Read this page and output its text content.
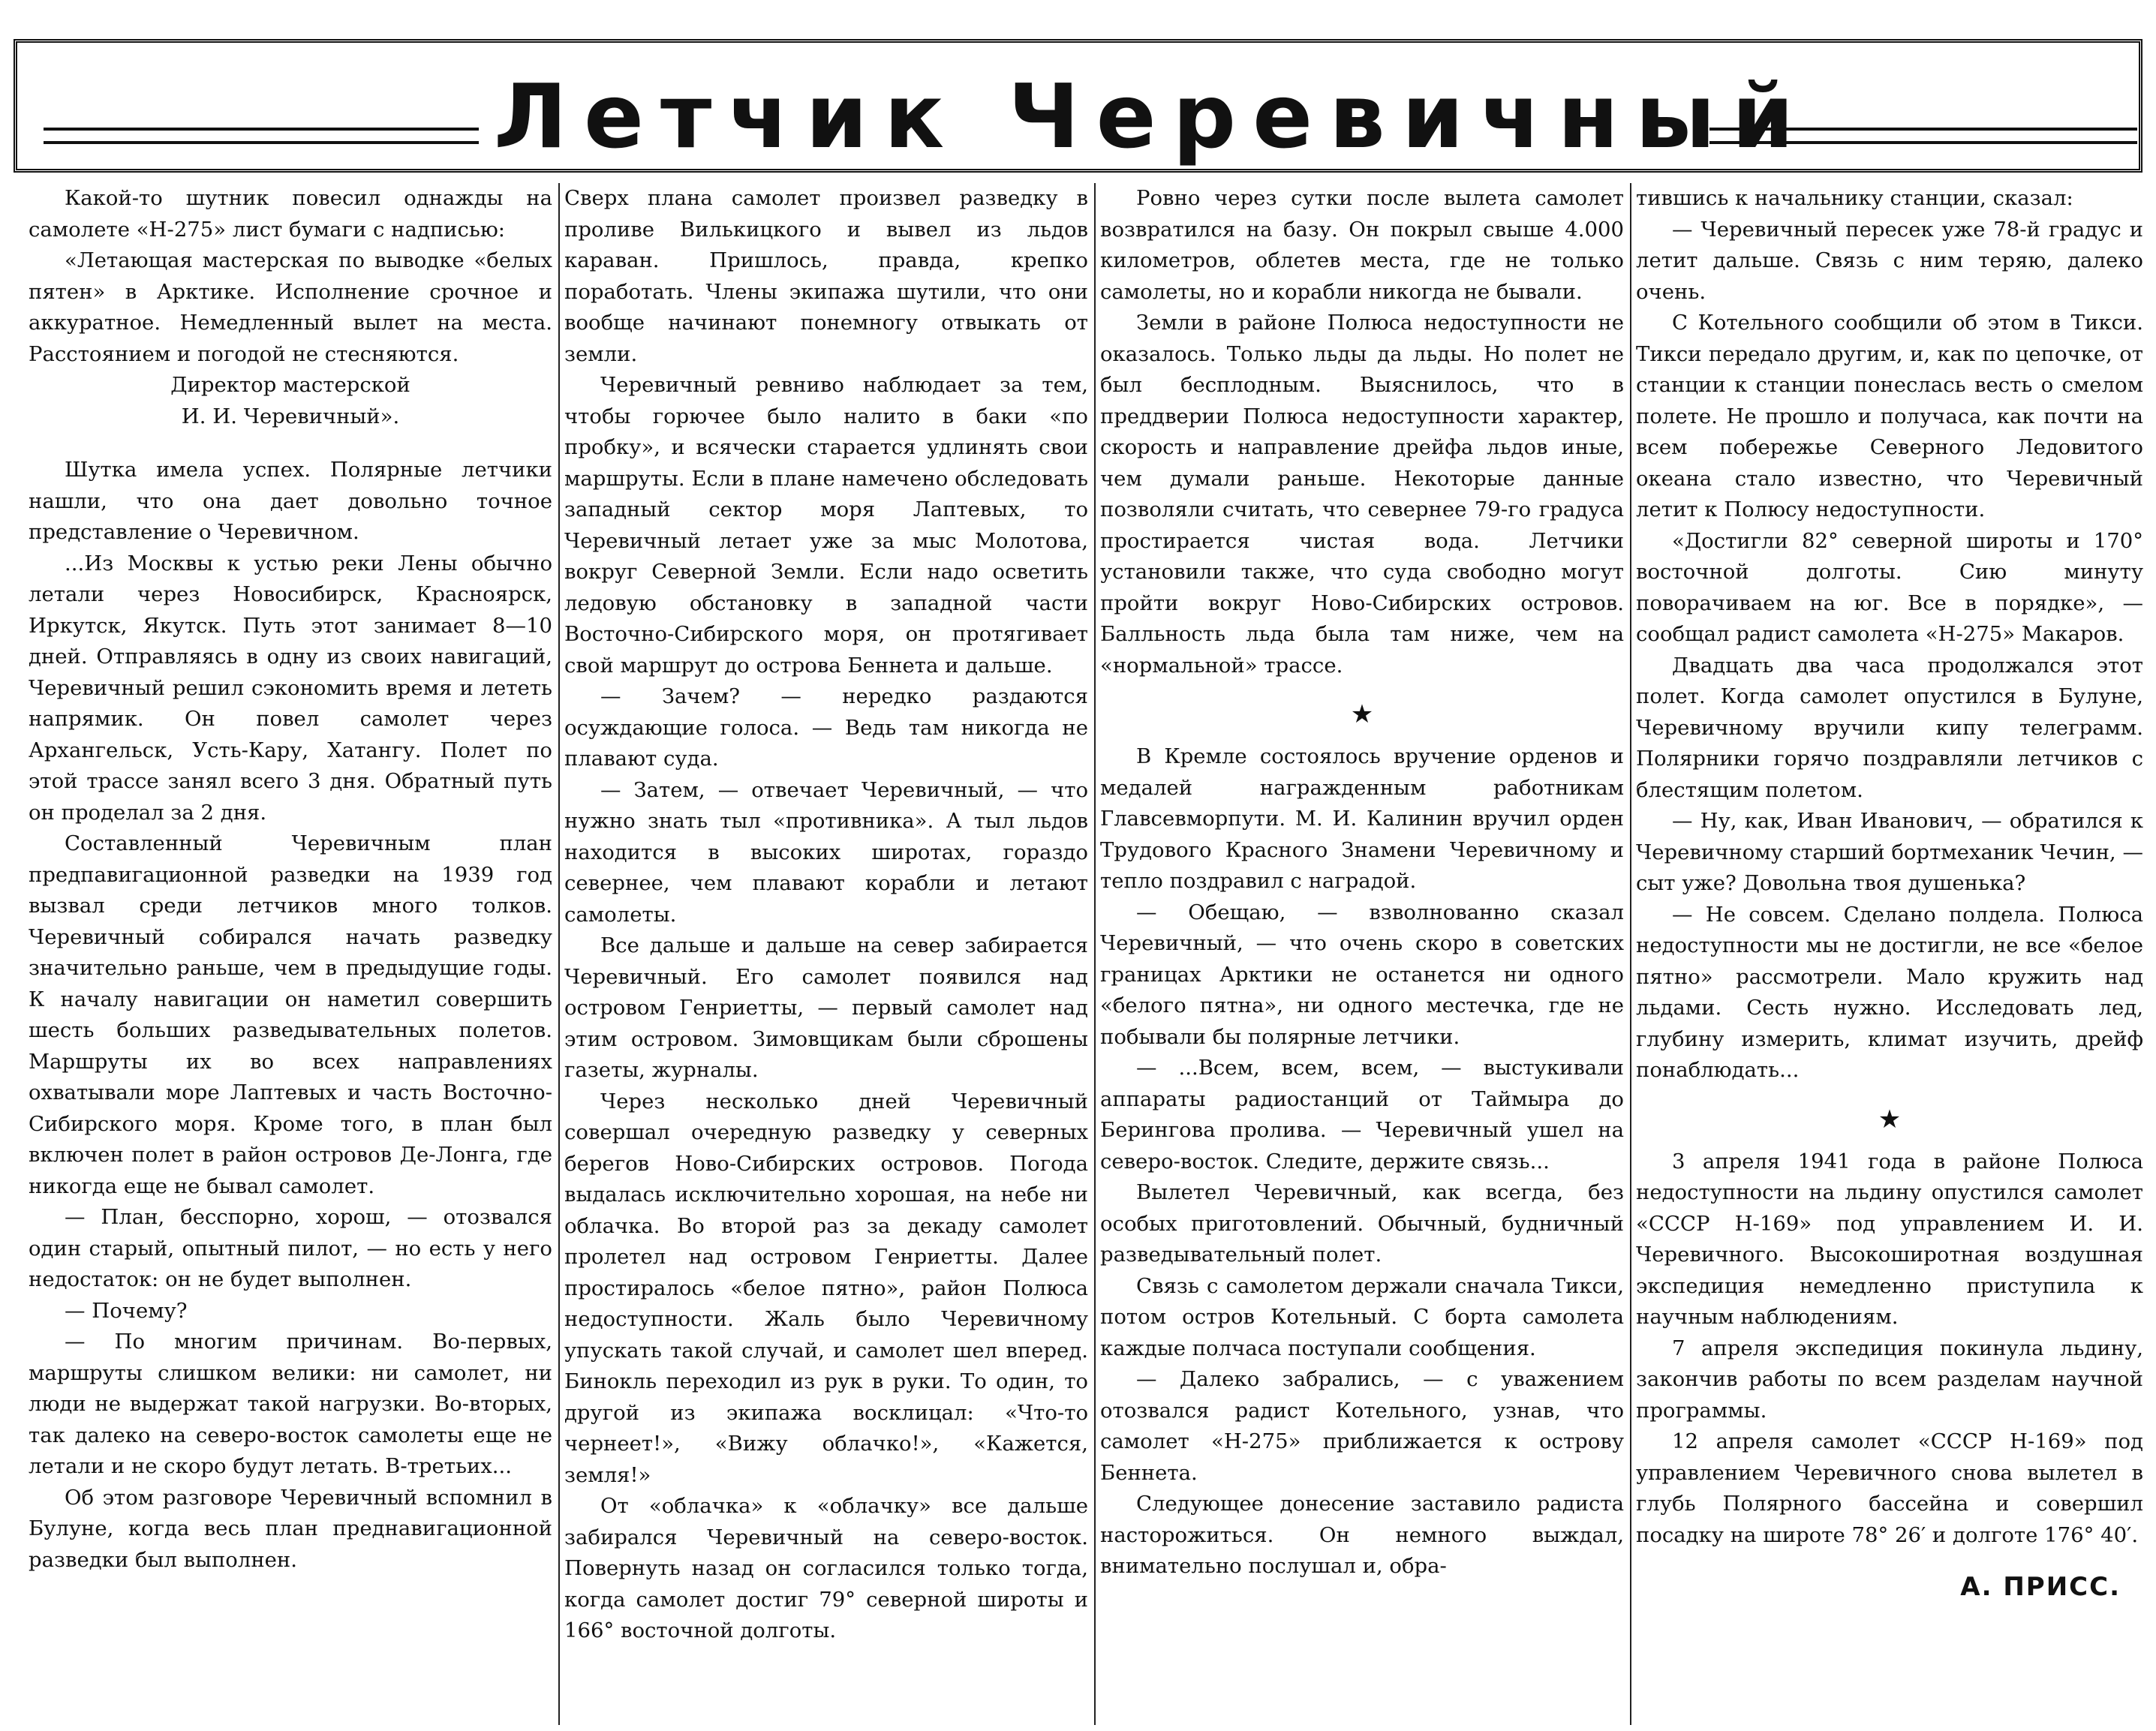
Летчик Черевичный

Какой-то шутник повесил однажды на самолете «Н-275» лист бумаги с надписью:

«Летающая мастерская по выводке «белых пятен» в Арктике. Исполнение срочное и аккуратное. Немедленный вылет на места. Расстоянием и погодой не стесняются.

Директор мастерской

И. И. Черевичный».

Шутка имела успех. Полярные летчики нашли, что она дает довольно точное представление о Черевичном.

...Из Москвы к устью реки Лены обычно летали через Новосибирск, Красноярск, Иркутск, Якутск. Путь этот занимает 8—10 дней. Отправляясь в одну из своих навигаций, Черевичный решил сэкономить время и лететь напрямик. Он повел самолет через Архангельск, Усть-Кару, Хатангу. Полет по этой трассе занял всего 3 дня. Обратный путь он проделал за 2 дня.

Составленный Черевичным план предпавигационной разведки на 1939 год вызвал среди летчиков много толков. Черевичный собирался начать разведку значительно раньше, чем в предыдущие годы. К началу навигации он наметил совершить шесть больших разведывательных полетов. Маршруты их во всех направлениях охватывали море Лаптевых и часть Восточно-Сибирского моря. Кроме того, в план был включен полет в район островов Де-Лонга, где никогда еще не бывал самолет.

— План, бесспорно, хорош, — отозвался один старый, опытный пилот, — но есть у него недостаток: он не будет выполнен.

— Почему?

— По многим причинам. Во-первых, маршруты слишком велики: ни самолет, ни люди не выдержат такой нагрузки. Во-вторых, так далеко на северо-восток самолеты еще не летали и не скоро будут летать. В-третьих...

Об этом разговоре Черевичный вспомнил в Булуне, когда весь план преднавигационной разведки был выполнен.

Сверх плана самолет произвел разведку в проливе Вилькицкого и вывел из льдов караван. Пришлось, правда, крепко поработать. Члены экипажа шутили, что они вообще начинают понемногу отвыкать от земли.

Черевичный ревниво наблюдает за тем, чтобы горючее было налито в баки «по пробку», и всячески старается удлинять свои маршруты. Если в плане намечено обследовать западный сектор моря Лаптевых, то Черевичный летает уже за мыс Молотова, вокруг Северной Земли. Если надо осветить ледовую обстановку в западной части Восточно-Сибирского моря, он протягивает свой маршрут до острова Беннета и дальше.

— Зачем? — нередко раздаются осуждающие голоса. — Ведь там никогда не плавают суда.

— Затем, — отвечает Черевичный, — что нужно знать тыл «противника». А тыл льдов находится в высоких широтах, гораздо севернее, чем плавают корабли и летают самолеты.

Все дальше и дальше на север забирается Черевичный. Его самолет появился над островом Генриетты, — первый самолет над этим островом. Зимовщикам были сброшены газеты, журналы.

Через несколько дней Черевичный совершал очередную разведку у северных берегов Ново-Сибирских островов. Погода выдалась исключительно хорошая, на небе ни облачка. Во второй раз за декаду самолет пролетел над островом Генриетты. Далее простиралось «белое пятно», район Полюса недоступности. Жаль было Черевичному упускать такой случай, и самолет шел вперед. Бинокль переходил из рук в руки. То один, то другой из экипажа восклицал: «Что-то чернеет!», «Вижу облачко!», «Кажется, земля!»

От «облачка» к «облачку» все дальше забирался Черевичный на северо-восток. Повернуть назад он согласился только тогда, когда самолет достиг 79° северной широты и 166° восточной долготы.

Ровно через сутки после вылета самолет возвратился на базу. Он покрыл свыше 4.000 километров, облетев места, где не только самолеты, но и корабли никогда не бывали.

Земли в районе Полюса недоступности не оказалось. Только льды да льды. Но полет не был бесплодным. Выяснилось, что в преддверии Полюса недоступности характер, скорость и направление дрейфа льдов иные, чем думали раньше. Некоторые данные позволяли считать, что севернее 79-го градуса простирается чистая вода. Летчики установили также, что суда свободно могут пройти вокруг Ново-Сибирских островов. Балльность льда была там ниже, чем на «нормальной» трассе.

★

В Кремле состоялось вручение орденов и медалей награжденным работникам Главсевморпути. М. И. Калинин вручил орден Трудового Красного Знамени Черевичному и тепло поздравил с наградой.

— Обещаю, — взволнованно сказал Черевичный, — что очень скоро в советских границах Арктики не останется ни одного «белого пятна», ни одного местечка, где не побывали бы полярные летчики.

— ...Всем, всем, всем, — выстукивали аппараты радиостанций от Таймыра до Берингова пролива. — Черевичный ушел на северо-восток. Следите, держите связь...

Вылетел Черевичный, как всегда, без особых приготовлений. Обычный, будничный разведывательный полет.

Связь с самолетом держали сначала Тикси, потом остров Котельный. С борта самолета каждые полчаса поступали сообщения.

— Далеко забрались, — с уважением отозвался радист Котельного, узнав, что самолет «Н-275» приближается к острову Беннета.

Следующее донесение заставило радиста насторожиться. Он немного выждал, внимательно послушал и, обра-

тившись к начальнику станции, сказал:

— Черевичный пересек уже 78-й градус и летит дальше. Связь с ним теряю, далеко очень.

С Котельного сообщили об этом в Тикси. Тикси передало другим, и, как по цепочке, от станции к станции понеслась весть о смелом полете. Не прошло и получаса, как почти на всем побережье Северного Ледовитого океана стало известно, что Черевичный летит к Полюсу недоступности.

«Достигли 82° северной широты и 170° восточной долготы. Сию минуту поворачиваем на юг. Все в порядке», — сообщал радист самолета «Н-275» Макаров.

Двадцать два часа продолжался этот полет. Когда самолет опустился в Булуне, Черевичному вручили кипу телеграмм. Полярники горячо поздравляли летчиков с блестящим полетом.

— Ну, как, Иван Иванович, — обратился к Черевичному старший бортмеханик Чечин, — сыт уже? Довольна твоя душенька?

— Не совсем. Сделано полдела. Полюса недоступности мы не достигли, не все «белое пятно» рассмотрели. Мало кружить над льдами. Сесть нужно. Исследовать лед, глубину измерить, климат изучить, дрейф понаблюдать...

★

3 апреля 1941 года в районе Полюса недоступности на льдину опустился самолет «СССР Н-169» под управлением И. И. Черевичного. Высокоширотная воздушная экспедиция немедленно приступила к научным наблюдениям.

7 апреля экспедиция покинула льдину, закончив работы по всем разделам научной программы.

12 апреля самолет «СССР Н-169» под управлением Черевичного снова вылетел в глубь Полярного бассейна и совершил посадку на широте 78° 26′ и долготе 176° 40′.

А. ПРИСС.
